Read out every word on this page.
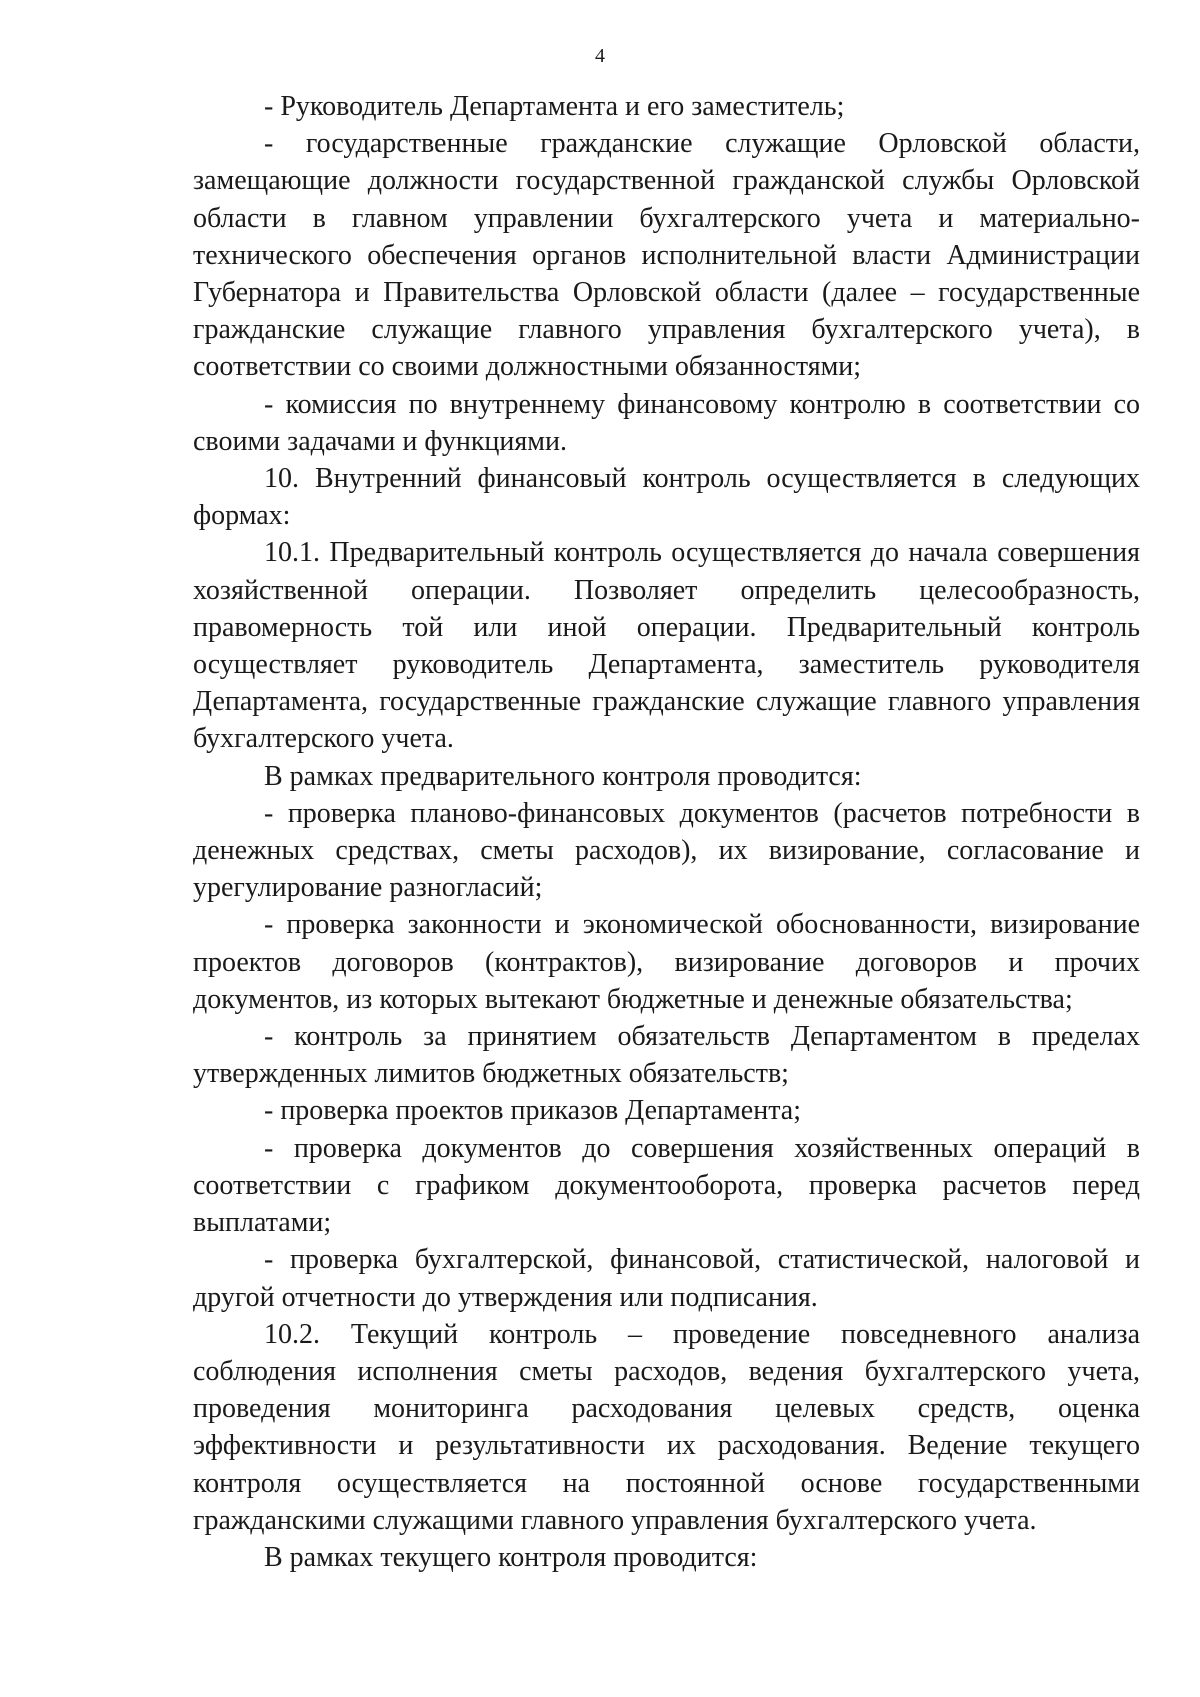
4

- Руководитель Департамента и его заместитель;

- государственные гражданские служащие Орловской области, замещающие должности государственной гражданской службы Орловской области в главном управлении бухгалтерского учета и материально-технического обеспечения органов исполнительной власти Администрации Губернатора и Правительства Орловской области (далее – государственные гражданские служащие главного управления бухгалтерского учета), в соответствии со своими должностными обязанностями;

- комиссия по внутреннему финансовому контролю в соответствии со своими задачами и функциями.

10. Внутренний финансовый контроль осуществляется в следующих формах:

10.1. Предварительный контроль осуществляется до начала совершения хозяйственной операции. Позволяет определить целесообразность, правомерность той или иной операции. Предварительный контроль осуществляет руководитель Департамента, заместитель руководителя Департамента, государственные гражданские служащие главного управления бухгалтерского учета.

В рамках предварительного контроля проводится:

- проверка планово-финансовых документов (расчетов потребности в денежных средствах, сметы расходов), их визирование, согласование и урегулирование разногласий;

- проверка законности и экономической обоснованности, визирование проектов договоров (контрактов), визирование договоров и прочих документов, из которых вытекают бюджетные и денежные обязательства;

- контроль за принятием обязательств Департаментом в пределах утвержденных лимитов бюджетных обязательств;

- проверка проектов приказов Департамента;

- проверка документов до совершения хозяйственных операций в соответствии с графиком документооборота, проверка расчетов перед выплатами;

- проверка бухгалтерской, финансовой, статистической, налоговой и другой отчетности до утверждения или подписания.

10.2. Текущий контроль – проведение повседневного анализа соблюдения исполнения сметы расходов, ведения бухгалтерского учета, проведения мониторинга расходования целевых средств, оценка эффективности и результативности их расходования. Ведение текущего контроля осуществляется на постоянной основе государственными гражданскими служащими главного управления бухгалтерского учета.

В рамках текущего контроля проводится:
